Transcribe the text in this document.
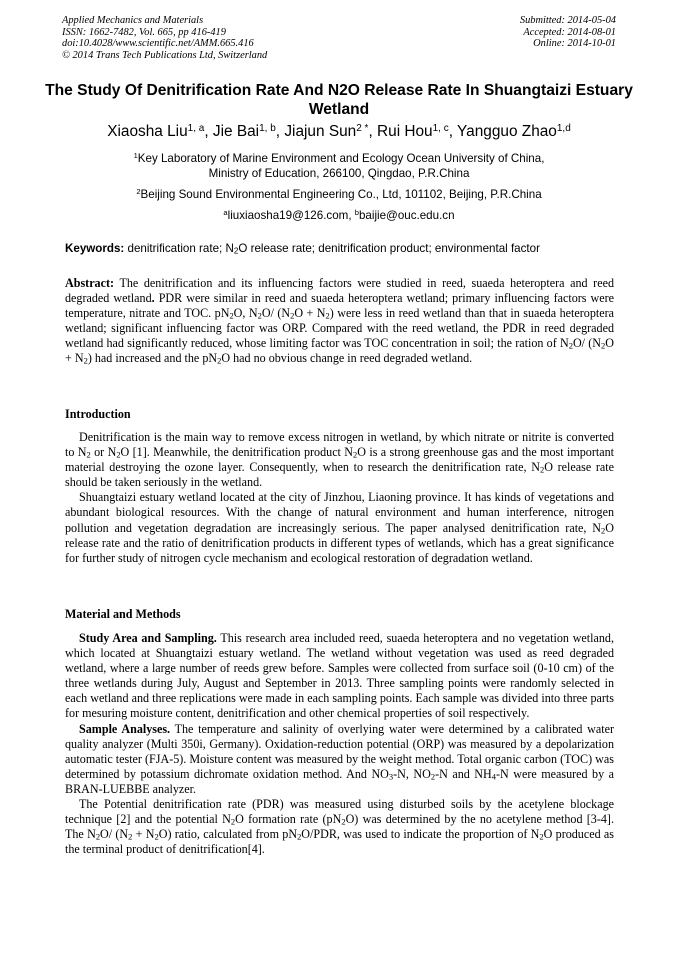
Applied Mechanics and Materials
ISSN: 1662-7482, Vol. 665, pp 416-419
doi:10.4028/www.scientific.net/AMM.665.416
© 2014 Trans Tech Publications Ltd, Switzerland
Submitted: 2014-05-04
Accepted: 2014-08-01
Online: 2014-10-01
The Study Of Denitrification Rate And N2O Release Rate In Shuangtaizi Estuary Wetland
Xiaosha Liu$^{1, a}$, Jie Bai$^{1, b}$, Jiajun Sun$^{2 *}$, Rui Hou$^{1, c}$, Yangguo Zhao$^{1,d}$
$^1$Key Laboratory of Marine Environment and Ecology Ocean University of China,
Ministry of Education, 266100, Qingdao, P.R.China
$^2$Beijing Sound Environmental Engineering Co., Ltd, 101102, Beijing, P.R.China
$^a$liuxiaosha19@126.com, $^b$baijie@ouc.edu.cn
Keywords: denitrification rate; $N_2O$ release rate; denitrification product; environmental factor

Abstract: The denitrification and its influencing factors were studied in reed, suaeda heteroptera and reed degraded wetland. PDR were similar in reed and suaeda heteroptera wetland; primary influencing factors were temperature, nitrate and TOC. $pN_2O$, $N_2O/$ $(N_2O + N_2)$ were less in reed wetland than that in suaeda heteroptera wetland; significant influencing factor was ORP. Compared with the reed wetland, the PDR in reed degraded wetland had significantly reduced, whose limiting factor was TOC concentration in soil; the ration of $N_2O/$ $(N_2O + N_2)$ had increased and the $pN_2O$ had no obvious change in reed degraded wetland.

Introduction

Denitrification is the main way to remove excess nitrogen in wetland, by which nitrate or nitrite is converted to $N_2$ or $N_2O$ [1]. Meanwhile, the denitrification product $N_2O$ is a strong greenhouse gas and the most important material destroying the ozone layer. Consequently, when to research the denitrification rate, $N_2O$ release rate should be taken seriously in the wetland.

Shuangtaizi estuary wetland located at the city of Jinzhou, Liaoning province. It has kinds of vegetations and abundant biological resources. With the change of natural environment and human interference, nitrogen pollution and vegetation degradation are increasingly serious. The paper analysed denitrification rate, $N_2O$ release rate and the ratio of denitrification products in different types of wetlands, which has a great significance for further study of nitrogen cycle mechanism and ecological restoration of degradation wetland.

Material and Methods

Study Area and Sampling. This research area included reed, suaeda heteroptera and no vegetation wetland, which located at Shuangtaizi estuary wetland. The wetland without vegetation was used as reed degraded wetland, where a large number of reeds grew before. Samples were collected from surface soil (0-10 cm) of the three wetlands during July, August and September in 2013. Three sampling points were randomly selected in each wetland and three replications were made in each sampling points. Each sample was divided into three parts for mesuring moisture content, denitrification and other chemical properties of soil respectively.

Sample Analyses. The temperature and salinity of overlying water were determined by a calibrated water quality analyzer (Multi 350i, Germany). Oxidation-reduction potential (ORP) was measured by a depolarization automatic tester (FJA-5). Moisture content was measured by the weight method. Total organic carbon (TOC) was determined by potassium dichromate oxidation method. And $NO_3-N$, $NO_2-N$ and $NH_4-N$ were measured by a BRAN-LUEBBE analyzer.

The Potential denitrification rate (PDR) was measured using disturbed soils by the acetylene blockage technique [2] and the potential $N_2O$ formation rate $(pN_2O)$ was determined by the no acetylene method [3-4]. The $N_2O/$ $(N_2 + N_2O)$ ratio, calculated from $pN_2O$/PDR, was used to indicate the proportion of $N_2O$ produced as the terminal product of denitrification[4].
